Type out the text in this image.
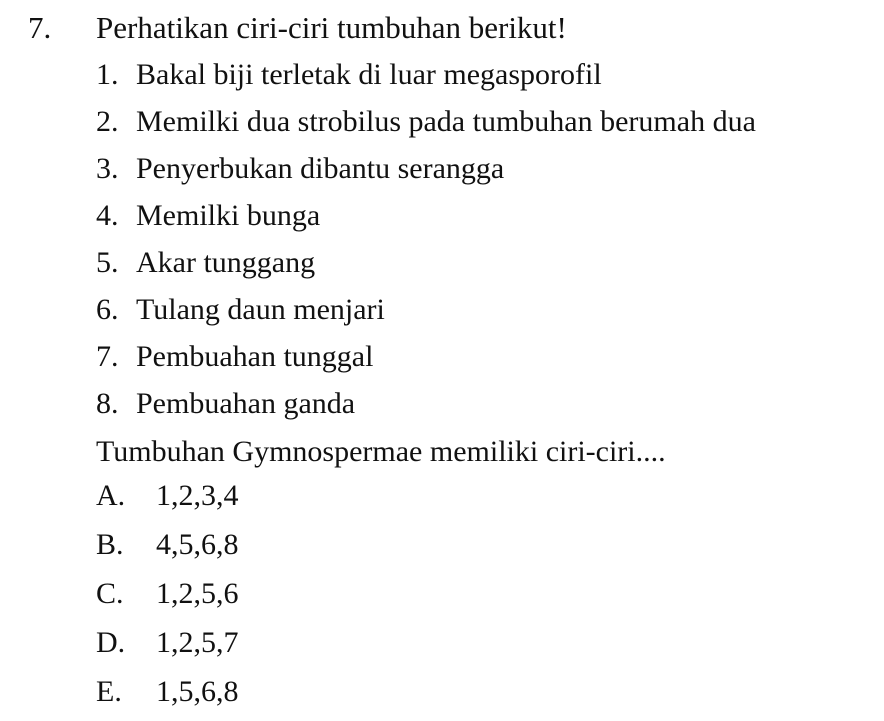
7. Perhatikan ciri-ciri tumbuhan berikut!
1. Bakal biji terletak di luar megasporofil
2. Memilki dua strobilus pada tumbuhan berumah dua
3. Penyerbukan dibantu serangga
4. Memilki bunga
5. Akar tunggang
6. Tulang daun menjari
7. Pembuahan tunggal
8. Pembuahan ganda
Tumbuhan Gymnospermae memiliki ciri-ciri....
A.	1,2,3,4
B.	4,5,6,8
C.	1,2,5,6
D.	1,2,5,7
E.	1,5,6,8
